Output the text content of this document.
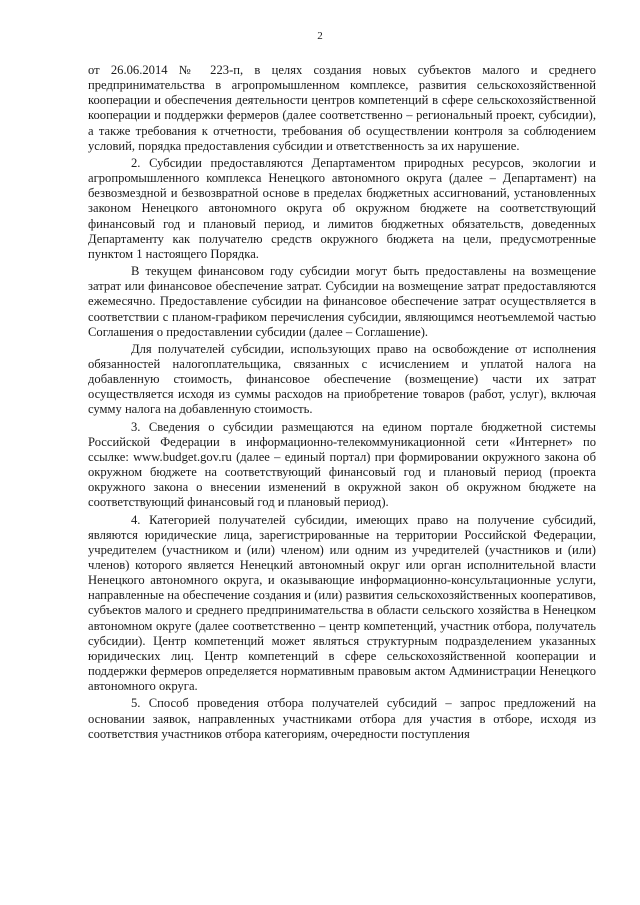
2

от 26.06.2014 № 223-п, в целях создания новых субъектов малого и среднего предпринимательства в агропромышленном комплексе, развития сельскохозяйственной кооперации и обеспечения деятельности центров компетенций в сфере сельскохозяйственной кооперации и поддержки фермеров (далее соответственно – региональный проект, субсидии), а также требования к отчетности, требования об осуществлении контроля за соблюдением условий, порядка предоставления субсидии и ответственность за их нарушение.

2. Субсидии предоставляются Департаментом природных ресурсов, экологии и агропромышленного комплекса Ненецкого автономного округа (далее – Департамент) на безвозмездной и безвозвратной основе в пределах бюджетных ассигнований, установленных законом Ненецкого автономного округа об окружном бюджете на соответствующий финансовый год и плановый период, и лимитов бюджетных обязательств, доведенных Департаменту как получателю средств окружного бюджета на цели, предусмотренные пунктом 1 настоящего Порядка.

В текущем финансовом году субсидии могут быть предоставлены на возмещение затрат или финансовое обеспечение затрат. Субсидии на возмещение затрат предоставляются ежемесячно. Предоставление субсидии на финансовое обеспечение затрат осуществляется в соответствии с планом-графиком перечисления субсидии, являющимся неотъемлемой частью Соглашения о предоставлении субсидии (далее – Соглашение).

Для получателей субсидии, использующих право на освобождение от исполнения обязанностей налогоплательщика, связанных с исчислением и уплатой налога на добавленную стоимость, финансовое обеспечение (возмещение) части их затрат осуществляется исходя из суммы расходов на приобретение товаров (работ, услуг), включая сумму налога на добавленную стоимость.

3. Сведения о субсидии размещаются на едином портале бюджетной системы Российской Федерации в информационно-телекоммуникационной сети «Интернет» по ссылке: www.budget.gov.ru (далее – единый портал) при формировании окружного закона об окружном бюджете на соответствующий финансовый год и плановый период (проекта окружного закона о внесении изменений в окружной закон об окружном бюджете на соответствующий финансовый год и плановый период).

4. Категорией получателей субсидии, имеющих право на получение субсидий, являются юридические лица, зарегистрированные на территории Российской Федерации, учредителем (участником и (или) членом) или одним из учредителей (участников и (или) членов) которого является Ненецкий автономный округ или орган исполнительной власти Ненецкого автономного округа, и оказывающие информационно-консультационные услуги, направленные на обеспечение создания и (или) развития сельскохозяйственных кооперативов, субъектов малого и среднего предпринимательства в области сельского хозяйства в Ненецком автономном округе (далее соответственно – центр компетенций, участник отбора, получатель субсидии). Центр компетенций может являться структурным подразделением указанных юридических лиц. Центр компетенций в сфере сельскохозяйственной кооперации и поддержки фермеров определяется нормативным правовым актом Администрации Ненецкого автономного округа.

5. Способ проведения отбора получателей субсидий – запрос предложений на основании заявок, направленных участниками отбора для участия в отборе, исходя из соответствия участников отбора категориям, очередности поступления
